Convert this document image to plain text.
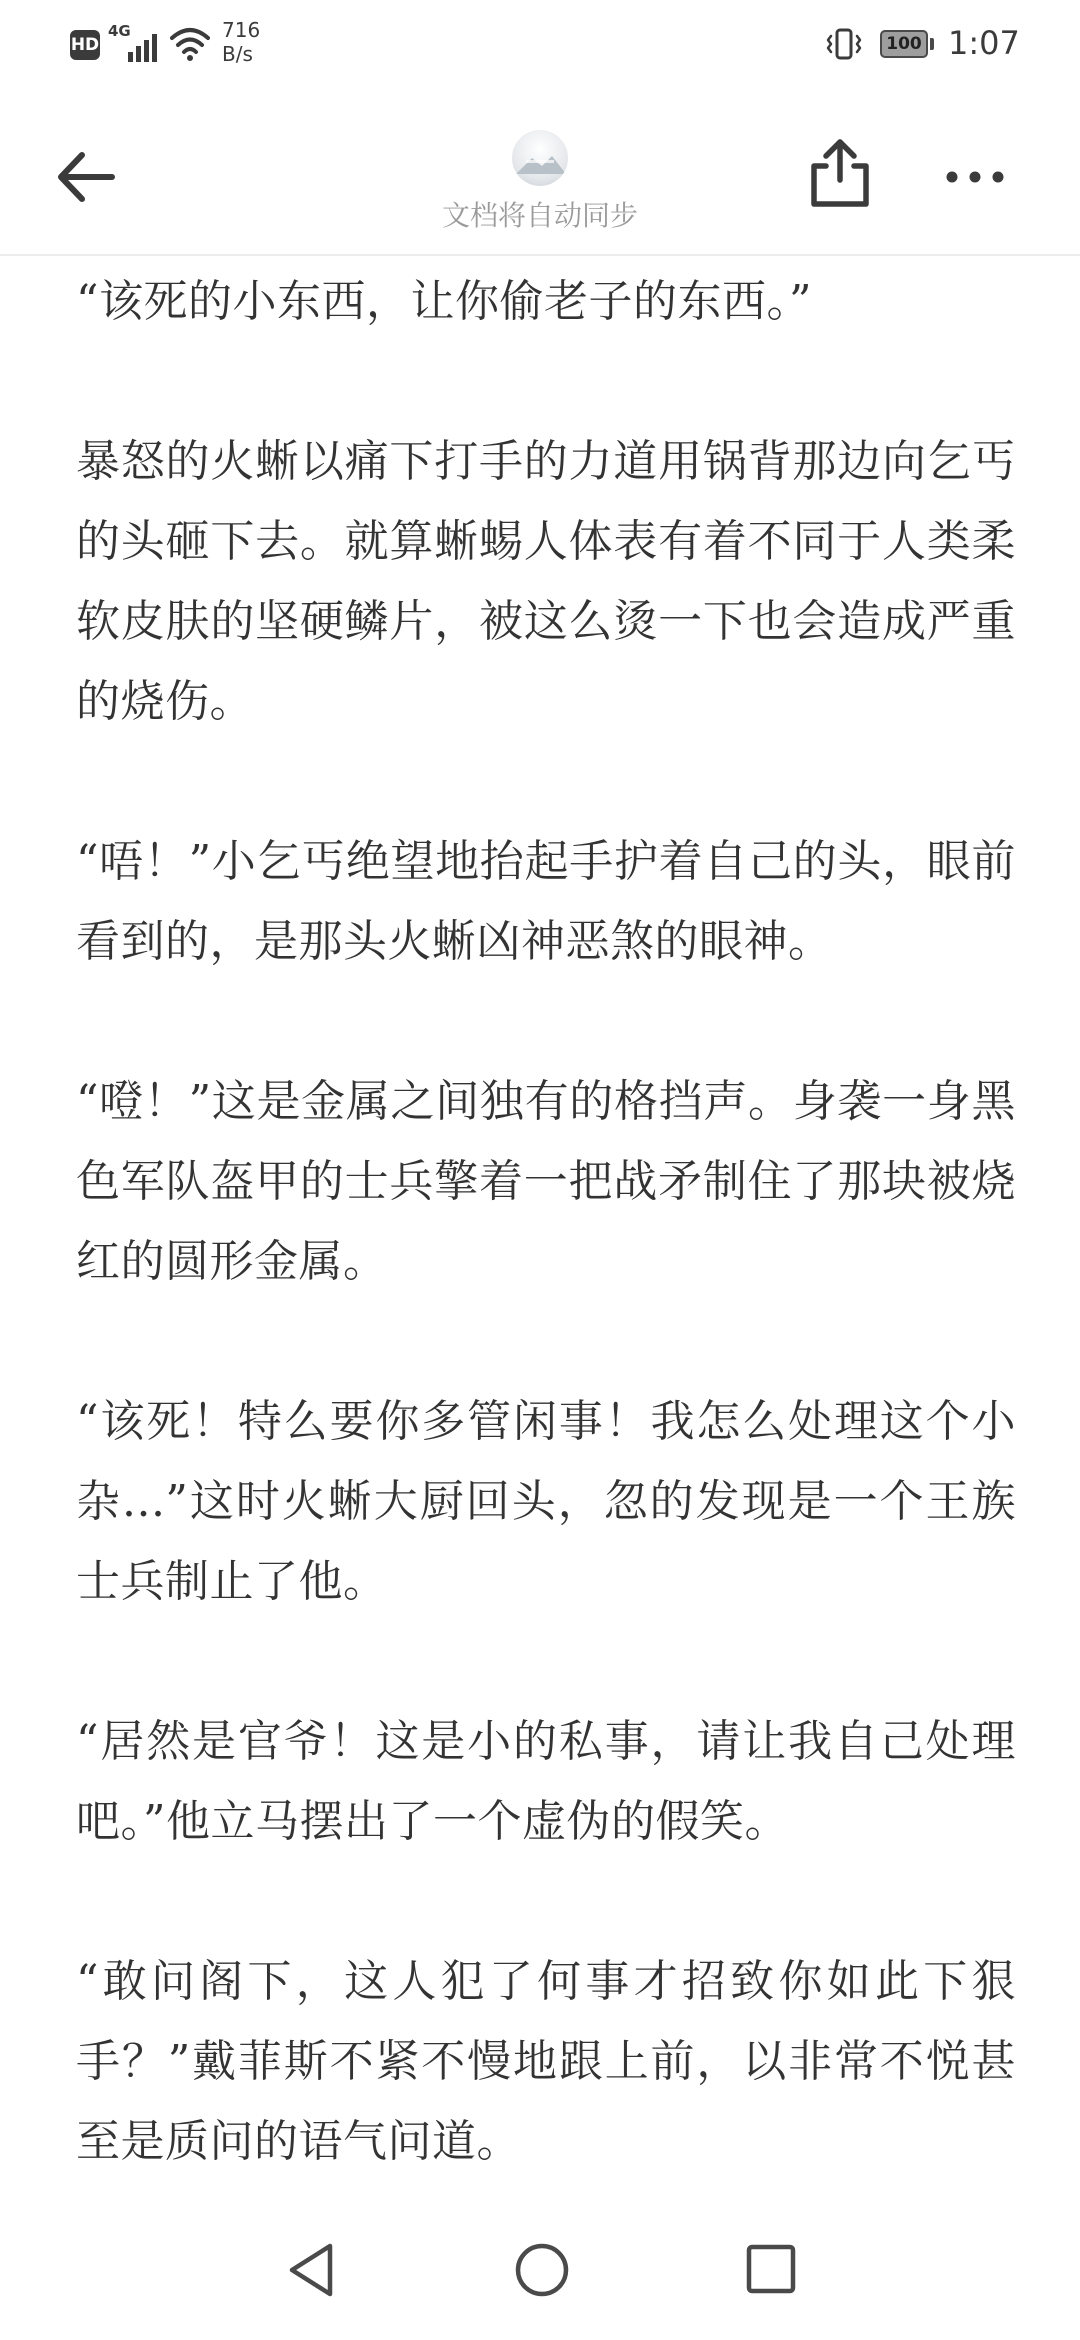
HD
4G	716
B/s	100 1:07
文档将自动同步

“该死的小东西，让你偷老子的东西。”

暴怒的火蜥以痛下打手的力道用锅背那边向乞丐的头砸下去。就算蜥蜴人体表有着不同于人类柔软皮肤的坚硬鳞片，被这么烫一下也会造成严重的烧伤。

“唔！”小乞丐绝望地抬起手护着自己的头，眼前看到的，是那头火蜥凶神恶煞的眼神。

“噔！”这是金属之间独有的格挡声。身袭一身黑色军队盔甲的士兵擎着一把战矛制住了那块被烧红的圆形金属。

“该死！特么要你多管闲事！我怎么处理这个小杂...”这时火蜥大厨回头，忽的发现是一个王族士兵制止了他。

“居然是官爷！这是小的私事，请让我自己处理吧。”他立马摆出了一个虚伪的假笑。

“敢问阁下，这人犯了何事才招致你如此下狠手？”戴菲斯不紧不慢地跟上前，以非常不悦甚至是质问的语气问道。
